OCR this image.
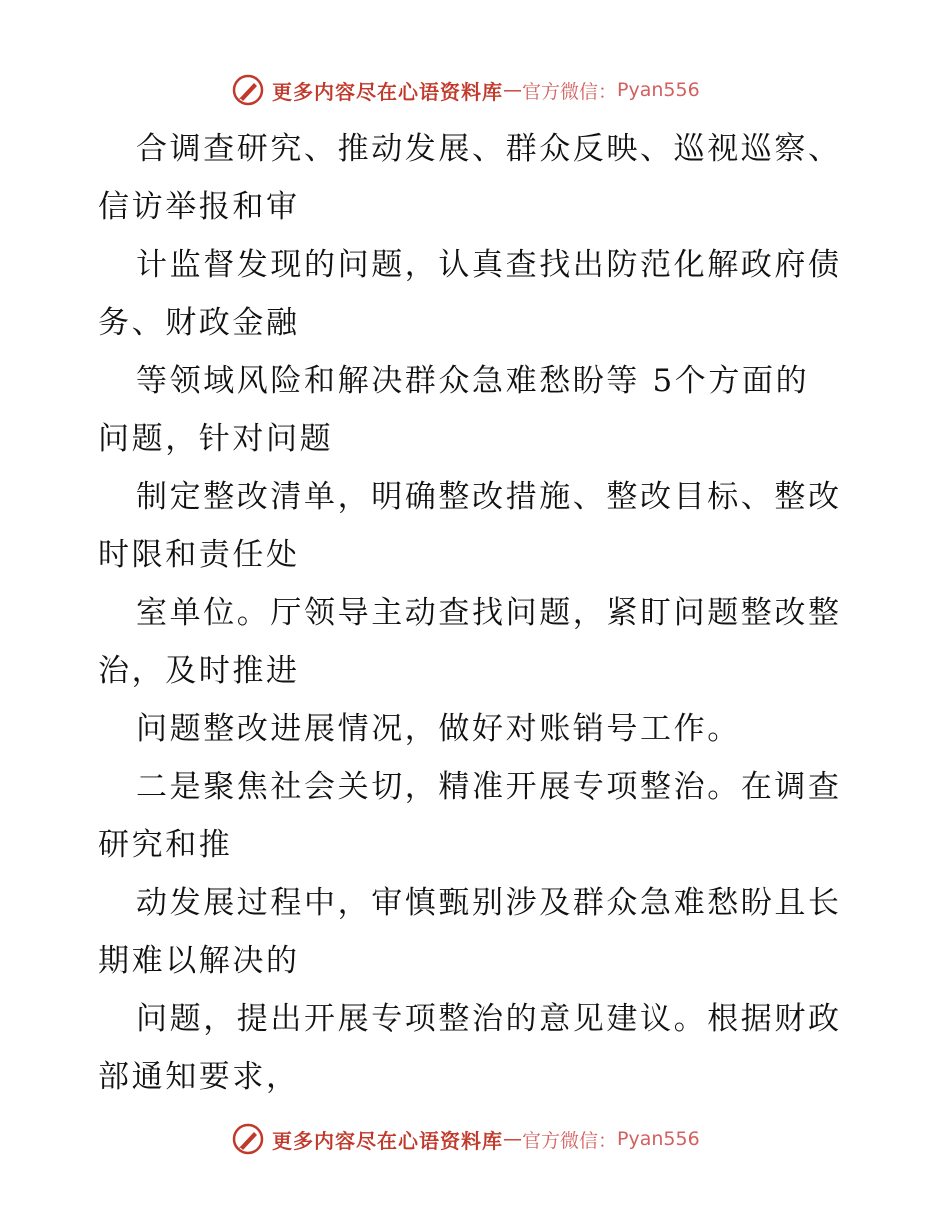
更多内容尽在心语资料库 — 官方微信： Pyan556
合调查研究、推动发展、群众反映、巡视巡察、
信访举报和审
计监督发现的问题，认真查找出防范化解政府债
务、财政金融
等领域风险和解决群众急难愁盼等 5个方面的
问题，针对问题
制定整改清单，明确整改措施、整改目标、整改
时限和责任处
室单位。厅领导主动查找问题，紧盯问题整改整
治，及时推进
问题整改进展情况，做好对账销号工作。
二是聚焦社会关切，精准开展专项整治。在调查
研究和推
动发展过程中，审慎甄别涉及群众急难愁盼且长
期难以解决的
问题，提出开展专项整治的意见建议。根据财政
部通知要求，
更多内容尽在心语资料库 — 官方微信： Pyan556
